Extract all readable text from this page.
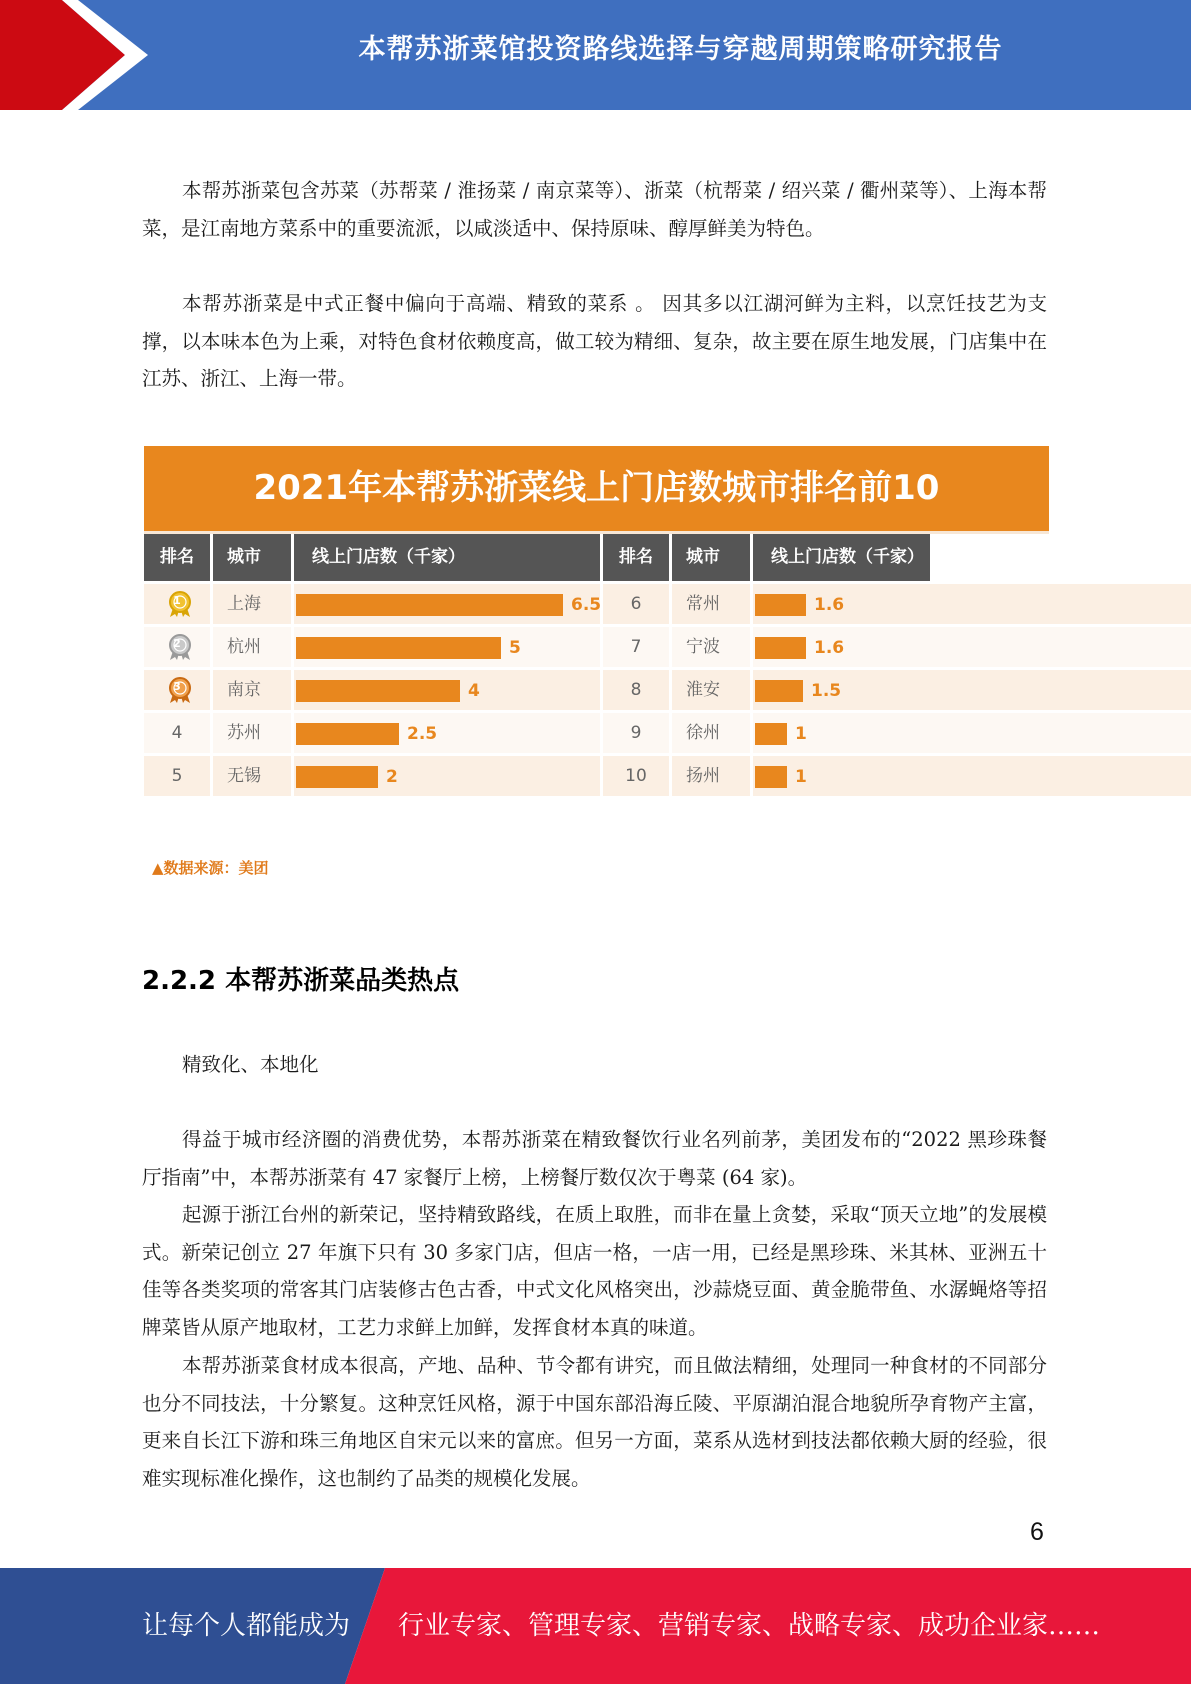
本帮苏浙菜馆投资路线选择与穿越周期策略研究报告

本帮苏浙菜包含苏菜（苏帮菜 / 淮扬菜 / 南京菜等）、浙菜（杭帮菜 / 绍兴菜 / 衢州菜等）、上海本帮菜，是江南地方菜系中的重要流派，以咸淡适中、保持原味、醇厚鲜美为特色。

本帮苏浙菜是中式正餐中偏向于高端、精致的菜系 。 因其多以江湖河鲜为主料，以烹饪技艺为支撑，以本味本色为上乘，对特色食材依赖度高，做工较为精细、复杂，故主要在原生地发展，门店集中在江苏、浙江、上海一带。

2021年本帮苏浙菜线上门店数城市排名前10
排名	城市	线上门店数（千家）	排名	城市	线上门店数（千家）
1	上海	6.5	6	常州	1.6
2	杭州	5	7	宁波	1.6
3	南京	4	8	淮安	1.5
4	苏州	2.5	9	徐州	1
5	无锡	2	10	扬州	1
▲数据来源：美团
2.2.2 本帮苏浙菜品类热点

精致化、本地化

得益于城市经济圈的消费优势，本帮苏浙菜在精致餐饮行业名列前茅，美团发布的“2022 黑珍珠餐厅指南”中，本帮苏浙菜有 47 家餐厅上榜，上榜餐厅数仅次于粤菜 (64 家)。

起源于浙江台州的新荣记，坚持精致路线，在质上取胜，而非在量上贪婪，采取“顶天立地”的发展模式。新荣记创立 27 年旗下只有 30 多家门店，但店一格，一店一用，已经是黑珍珠、米其林、亚洲五十佳等各类奖项的常客其门店装修古色古香，中式文化风格突出，沙蒜烧豆面、黄金脆带鱼、水潺蝇烙等招牌菜皆从原产地取材，工艺力求鲜上加鲜，发挥食材本真的味道。

本帮苏浙菜食材成本很高，产地、品种、节令都有讲究，而且做法精细，处理同一种食材的不同部分也分不同技法，十分繁复。这种烹饪风格，源于中国东部沿海丘陵、平原湖泊混合地貌所孕育物产主富，更来自长江下游和珠三角地区自宋元以来的富庶。但另一方面，菜系从选材到技法都依赖大厨的经验，很难实现标准化操作，这也制约了品类的规模化发展。

6
让每个人都能成为 行业专家、管理专家、营销专家、战略专家、成功企业家……
